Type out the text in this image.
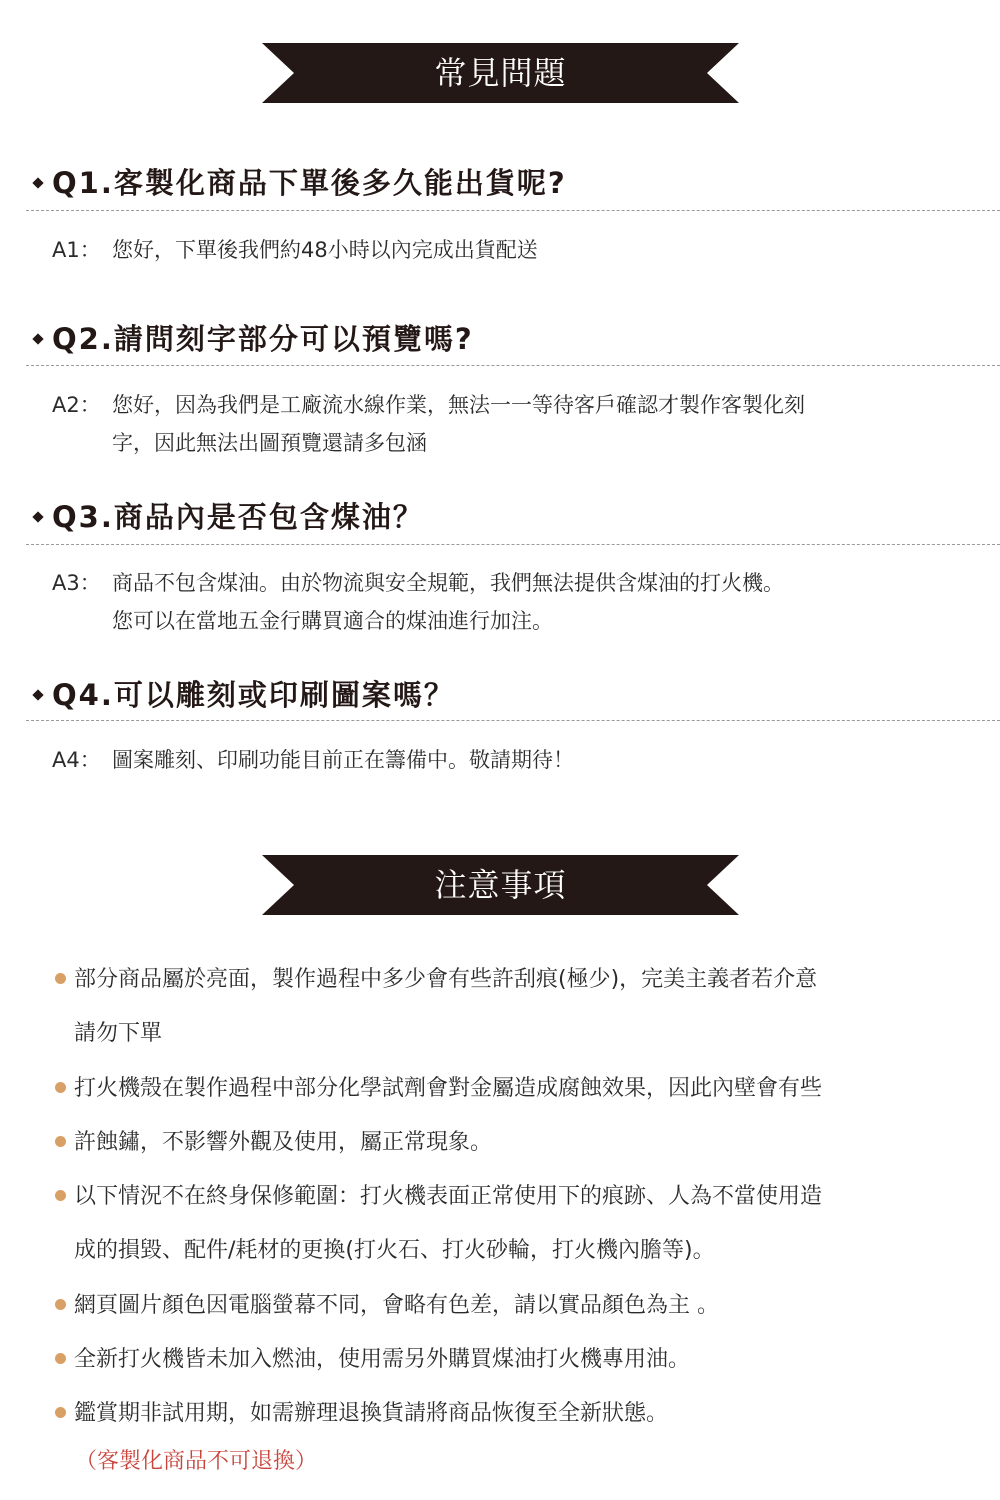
常見問題
Q1.客製化商品下單後多久能出貨呢?
A1： 您好，下單後我們約48小時以內完成出貨配送
Q2.請問刻字部分可以預覽嗎?
A2： 您好，因為我們是工廠流水線作業，無法一一等待客戶確認才製作客製化刻
字，因此無法出圖預覽還請多包涵
Q3.商品內是否包含煤油？
A3： 商品不包含煤油。由於物流與安全規範，我們無法提供含煤油的打火機。
您可以在當地五金行購買適合的煤油進行加注。
Q4.可以雕刻或印刷圖案嗎？
A4： 圖案雕刻、印刷功能目前正在籌備中。敬請期待！
注意事項
部分商品屬於亮面，製作過程中多少會有些許刮痕(極少)，完美主義者若介意
請勿下單
打火機殼在製作過程中部分化學試劑會對金屬造成腐蝕效果，因此內壁會有些
許蝕鏽，不影響外觀及使用，屬正常現象。
以下情況不在終身保修範圍：打火機表面正常使用下的痕跡、人為不當使用造
成的損毀、配件/耗材的更換(打火石、打火砂輪，打火機內膽等)。
網頁圖片顏色因電腦螢幕不同，會略有色差，請以實品顏色為主 。
全新打火機皆未加入燃油，使用需另外購買煤油打火機專用油。
鑑賞期非試用期，如需辦理退換貨請將商品恢復至全新狀態。
（客製化商品不可退換）
